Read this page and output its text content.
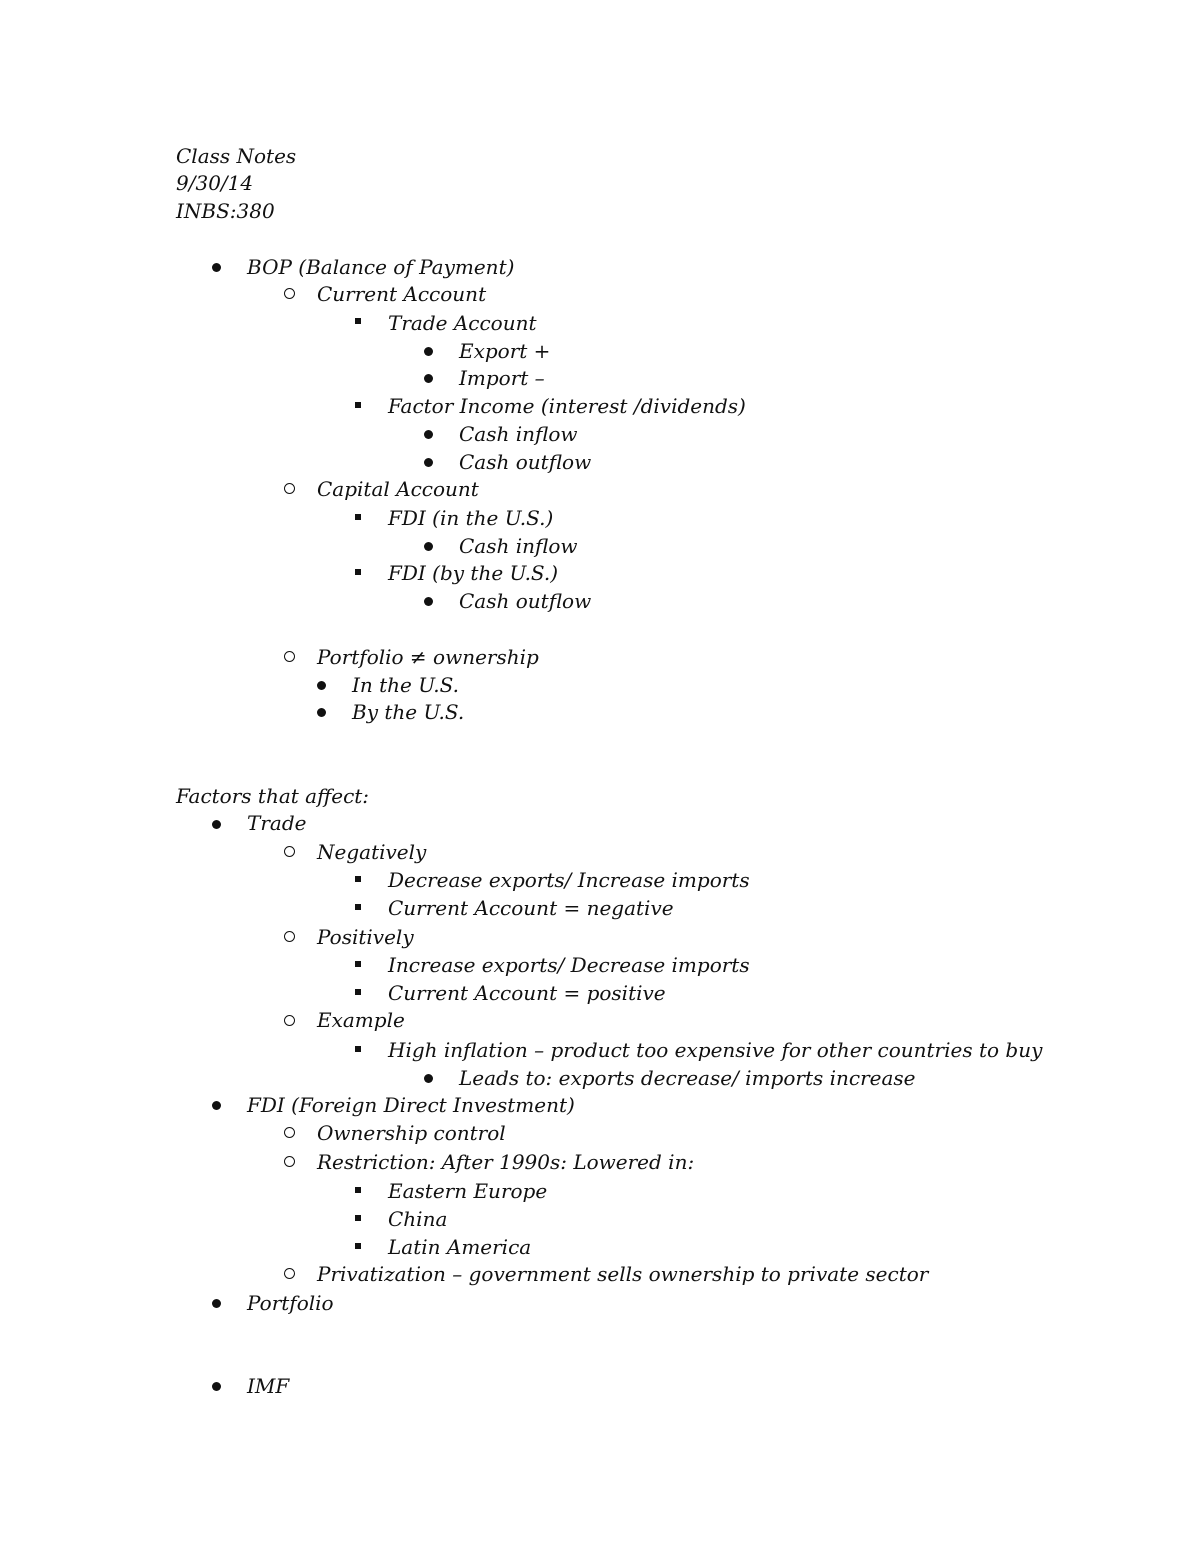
Class Notes
9/30/14
INBS:380
BOP (Balance of Payment)
Current Account
Trade Account
Export +
Import –
Factor Income (interest /dividends)
Cash inflow
Cash outflow
Capital Account
FDI (in the U.S.)
Cash inflow
FDI (by the U.S.)
Cash outflow
Portfolio ≠ ownership
In the U.S.
By the U.S.
Factors that affect:
Trade
Negatively
Decrease exports/ Increase imports
Current Account = negative
Positively
Increase exports/ Decrease imports
Current Account = positive
Example
High inflation – product too expensive for other countries to buy
Leads to: exports decrease/ imports increase
FDI (Foreign Direct Investment)
Ownership control
Restriction: After 1990s: Lowered in:
Eastern Europe
China
Latin America
Privatization – government sells ownership to private sector
Portfolio
IMF
